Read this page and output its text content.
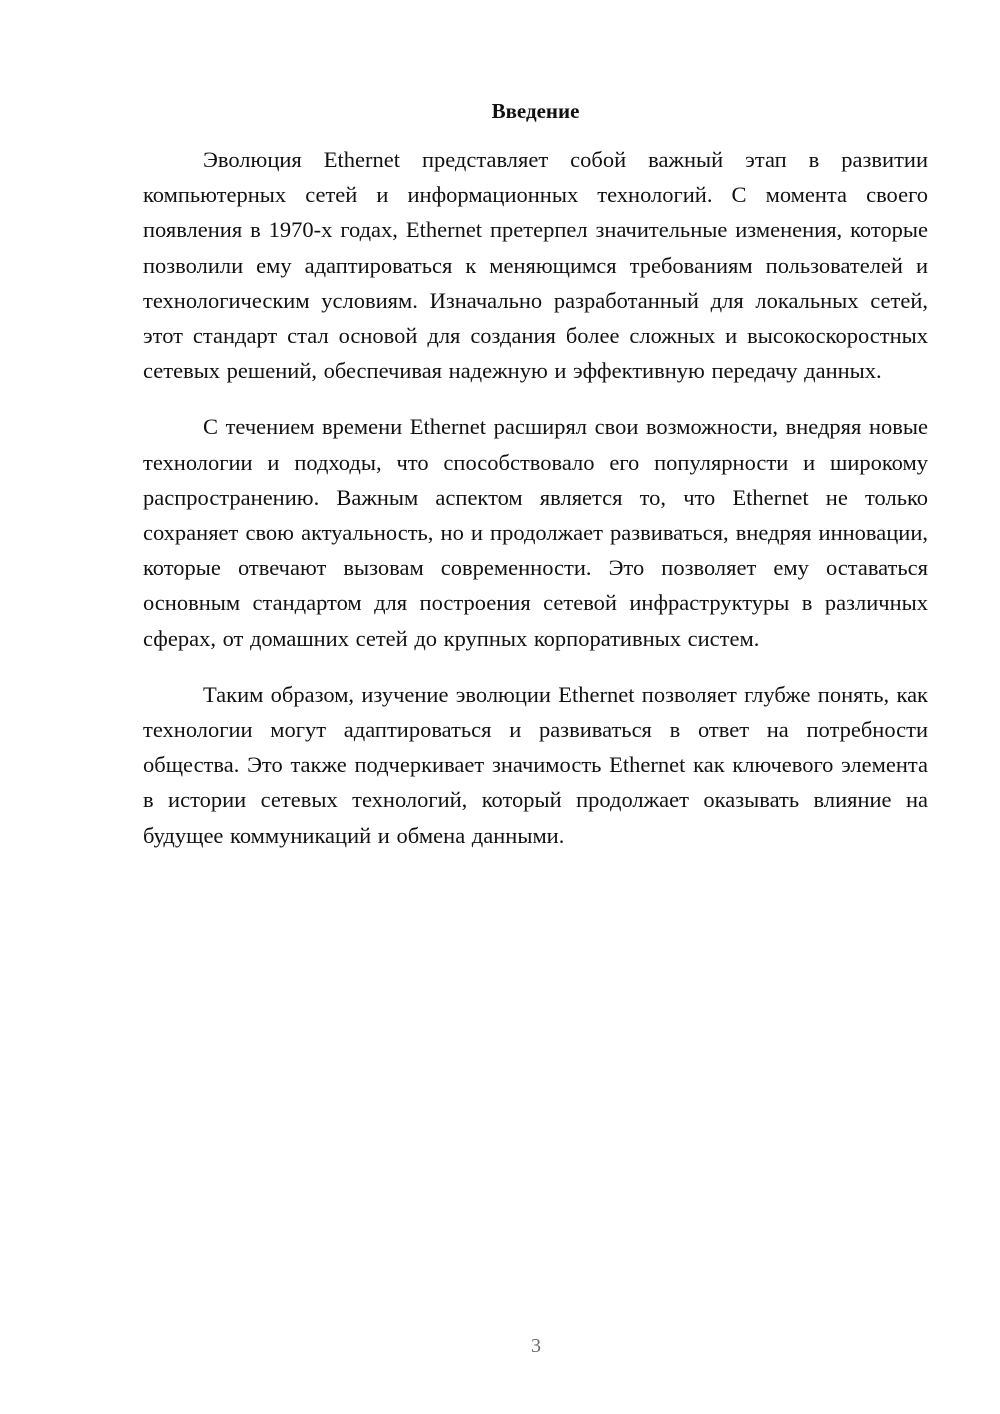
Введение

Эволюция Ethernet представляет собой важный этап в развитии компьютерных сетей и информационных технологий. С момента своего появления в 1970-х годах, Ethernet претерпел значительные изменения, которые позволили ему адаптироваться к меняющимся требованиям пользователей и технологическим условиям. Изначально разработанный для локальных сетей, этот стандарт стал основой для создания более сложных и высокоскоростных сетевых решений, обеспечивая надежную и эффективную передачу данных.

С течением времени Ethernet расширял свои возможности, внедряя новые технологии и подходы, что способствовало его популярности и широкому распространению. Важным аспектом является то, что Ethernet не только сохраняет свою актуальность, но и продолжает развиваться, внедряя инновации, которые отвечают вызовам современности. Это позволяет ему оставаться основным стандартом для построения сетевой инфраструктуры в различных сферах, от домашних сетей до крупных корпоративных систем.

Таким образом, изучение эволюции Ethernet позволяет глубже понять, как технологии могут адаптироваться и развиваться в ответ на потребности общества. Это также подчеркивает значимость Ethernet как ключевого элемента в истории сетевых технологий, который продолжает оказывать влияние на будущее коммуникаций и обмена данными.

3
